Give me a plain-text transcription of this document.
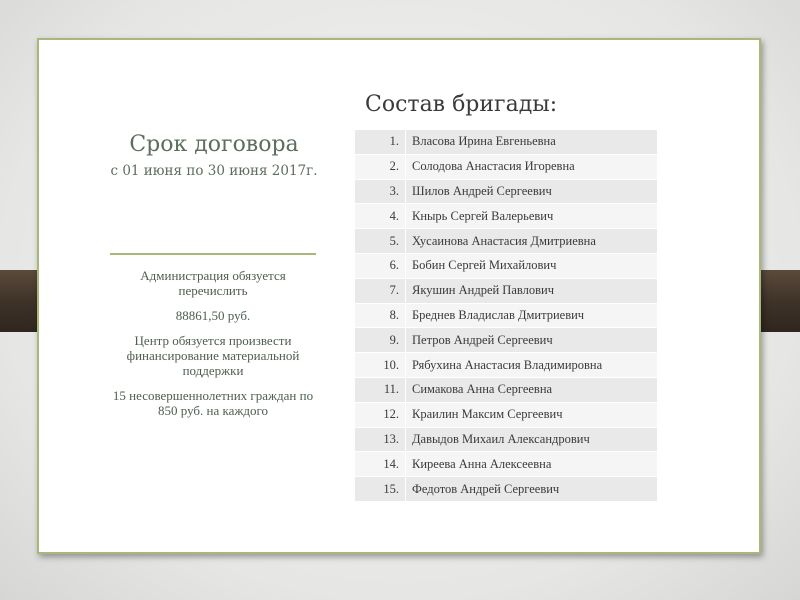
Срок договора
с 01 июня по 30 июня 2017г.

Администрация обязуется перечислить

88861,50 руб.

Центр обязуется произвести финансирование материальной поддержки

15 несовершеннолетних граждан по 850 руб. на каждого

Состав бригады:
1.	Власова Ирина Евгеньевна
2.	Солодова Анастасия Игоревна
3.	Шилов Андрей Сергеевич
4.	Кнырь Сергей Валерьевич
5.	Хусаинова Анастасия Дмитриевна
6.	Бобин Сергей Михайлович
7.	Якушин Андрей Павлович
8.	Бреднев Владислав Дмитриевич
9.	Петров Андрей Сергеевич
10.	Рябухина Анастасия Владимировна
11.	Симакова Анна Сергеевна
12.	Краилин Максим Сергеевич
13.	Давыдов Михаил Александрович
14.	Киреева Анна Алексеевна
15.	Федотов Андрей Сергеевич
